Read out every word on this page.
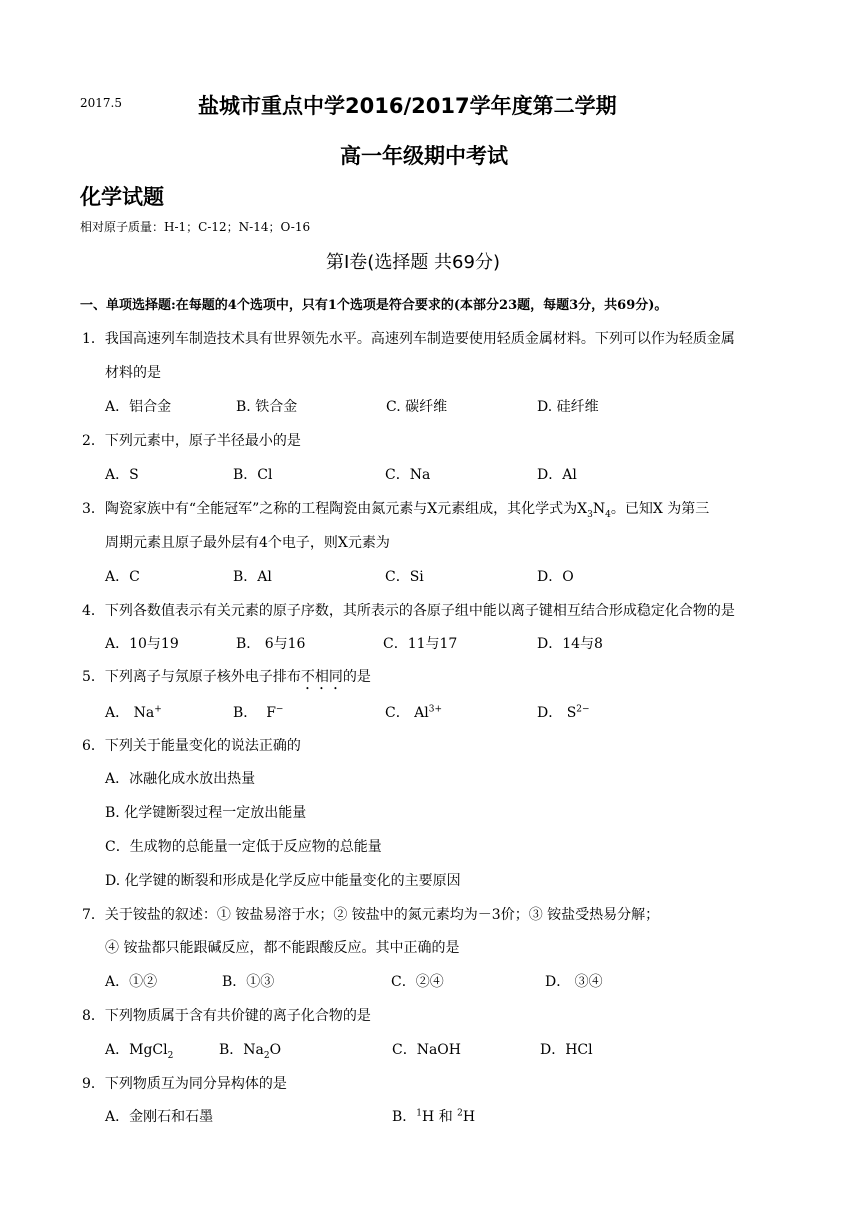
2017.5	盐城市重点中学2016/2017学年度第二学期
高一年级期中考试
化学试题
相对原子质量：H-1；C-12；N-14；O-16
第Ⅰ卷(选择题 共69分)
一、单项选择题:在每题的4个选项中，只有1个选项是符合要求的(本部分23题，每题3分，共69分)。
1．我国高速列车制造技术具有世界领先水平。高速列车制造要使用轻质金属材料。下列可以作为轻质金属
材料的是
A．铝合金	B. 铁合金	C. 碳纤维	D. 硅纤维
2．下列元素中，原子半径最小的是
A．S	B．Cl	C．Na	D．Al
3．陶瓷家族中有“全能冠军”之称的工程陶瓷由氮元素与X元素组成，其化学式为$X_3N_4$。已知X 为第三
周期元素且原子最外层有4个电子，则X元素为
A．C	B．Al	C．Si	D．O
4．下列各数值表示有关元素的原子序数，其所表示的各原子组中能以离子键相互结合形成稳定化合物的是
A．10与19	B． 6与16	C．11与17	D．14与8
5．下列离子与氖原子核外电子排布不相同的是
A． Na+	B． F−	C． $Al^{3+}$	D． $S^{2-}$
6．下列关于能量变化的说法正确的
A．冰融化成水放出热量
B. 化学键断裂过程一定放出能量
C．生成物的总能量一定低于反应物的总能量
D. 化学键的断裂和形成是化学反应中能量变化的主要原因
7．关于铵盐的叙述：① 铵盐易溶于水；② 铵盐中的氮元素均为－3价；③ 铵盐受热易分解；
④ 铵盐都只能跟碱反应，都不能跟酸反应。其中正确的是
A．①②	B．①③	C．②④	D． ③④
8．下列物质属于含有共价键的离子化合物的是
A．MgCl$_2$	B．$Na_2O$	C．NaOH	D．HCl
9．下列物质互为同分异构体的是
A．金刚石和石墨	B．$^1$H 和 $^2$H
